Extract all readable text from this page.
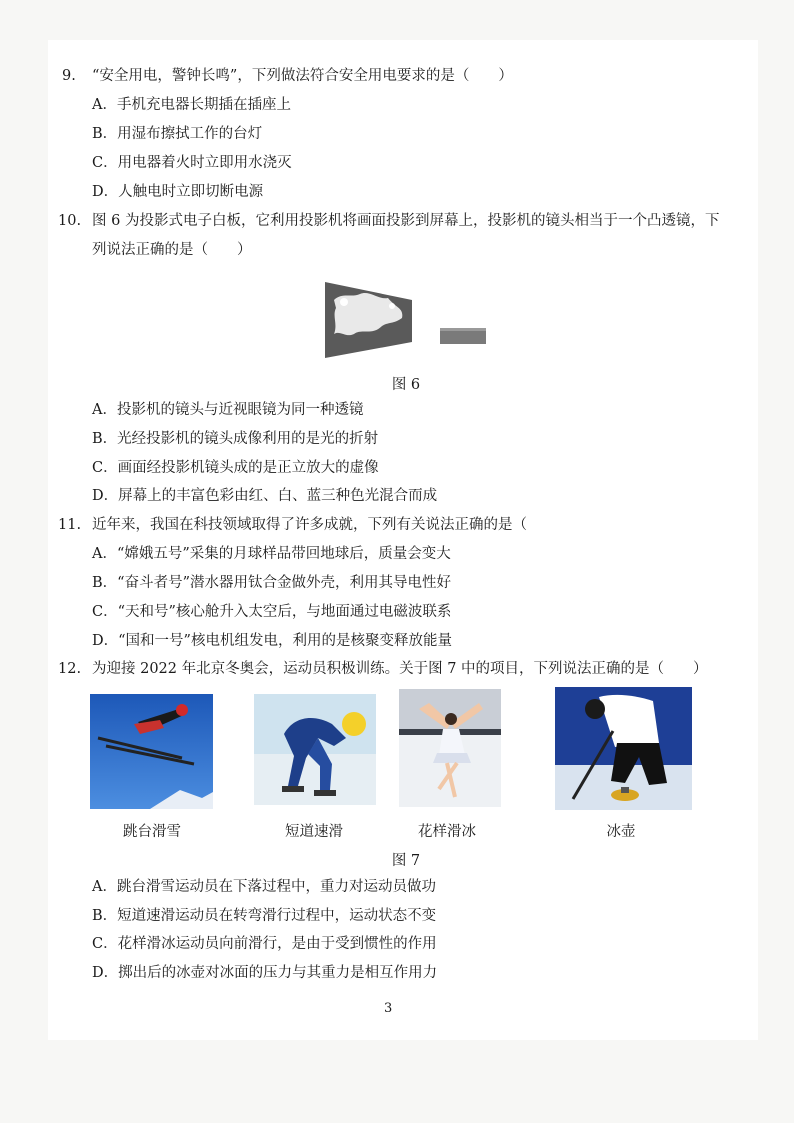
9. “安全用电，警钟长鸣”，下列做法符合安全用电要求的是（　　）
A．手机充电器长期插在插座上
B．用湿布擦拭工作的台灯
C．用电器着火时立即用水浇灭
D．人触电时立即切断电源
10. 图 6 为投影式电子白板，它利用投影机将画面投影到屏幕上，投影机的镜头相当于一个凸透镜，下
列说法正确的是（　　）
图 6
A．投影机的镜头与近视眼镜为同一种透镜
B．光经投影机的镜头成像利用的是光的折射
C．画面经投影机镜头成的是正立放大的虚像
D．屏幕上的丰富色彩由红、白、蓝三种色光混合而成
11. 近年来，我国在科技领域取得了许多成就，下列有关说法正确的是（
A．“嫦娥五号”采集的月球样品带回地球后，质量会变大
B．“奋斗者号”潜水器用钛合金做外壳，利用其导电性好
C．“天和号”核心舱升入太空后，与地面通过电磁波联系
D．“国和一号”核电机组发电，利用的是核聚变释放能量
12. 为迎接 2022 年北京冬奥会，运动员积极训练。关于图 7 中的项目，下列说法正确的是（　　）
跳台滑雪	短道速滑	花样滑冰	冰壶
图 7
A．跳台滑雪运动员在下落过程中，重力对运动员做功
B．短道速滑运动员在转弯滑行过程中，运动状态不变
C．花样滑冰运动员向前滑行，是由于受到惯性的作用
D．掷出后的冰壶对冰面的压力与其重力是相互作用力
3
